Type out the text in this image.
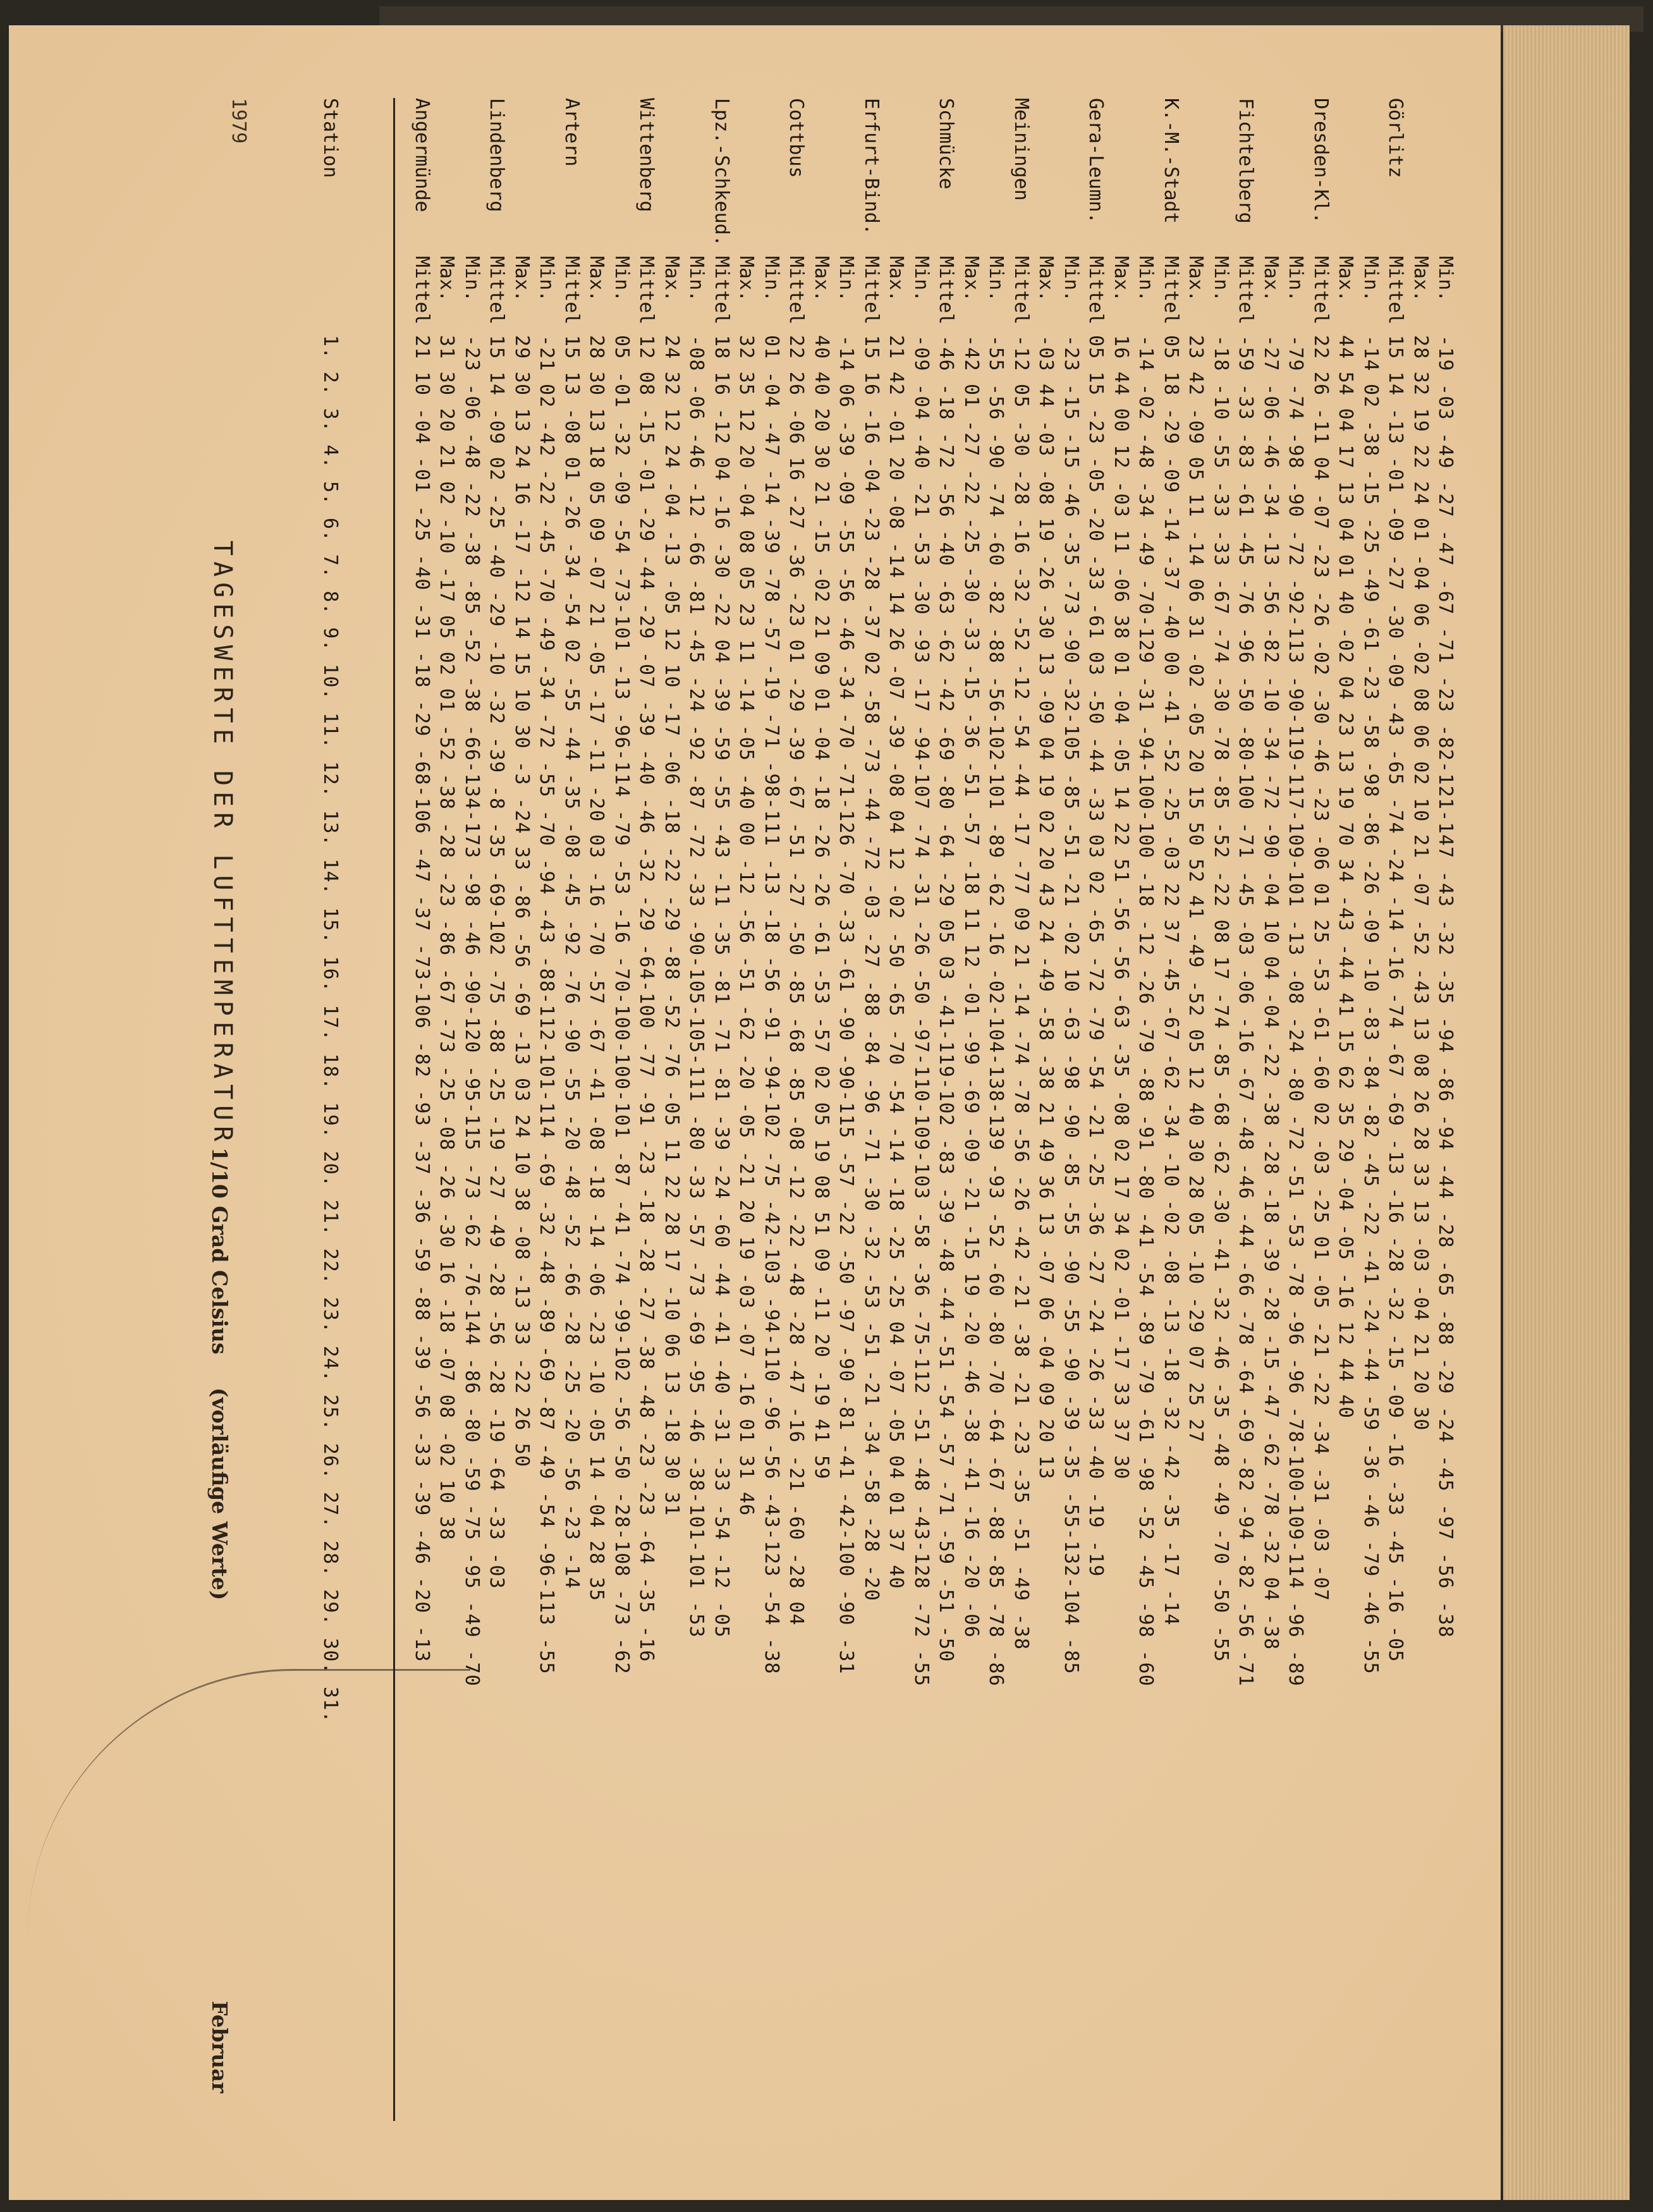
1979
TAGESWERTE DER LUFTTEMPERATUR
1/10 Grad Celsius
(vorläufige Werte)
Februar
Station
1. 2. 3. 4. 5. 6. 7. 8. 9. 10. 11. 12. 13. 14. 15. 16. 17. 18. 19. 20. 21. 22. 23. 24. 25. 26. 27. 28. 29. 30. 31.
Angermünde
Mittel
21 10 -04 -01 -25 -40 -31 -18 -29 -68-106 -47 -37 -73-106 -82 -93 -37 -36 -59 -88 -39 -56 -33 -39 -46 -20 -13
Max.
31 30 20 21 02 -10 -17 05 02 01 -52 -38 -28 -23 -86 -67 -73 -25 -08 -26 -30 16 -18 -07 08 -02 10 38
Min.
-23 -06 -48 -22 -38 -85 -52 -38 -66-134-173 -98 -46 -90-120 -95-115 -73 -62 -76-144 -86 -80 -59 -75 -95 -49 -70
Lindenberg
Mittel
15 14 -09 02 -25 -40 -29 -10 -32 -39 -8 -35 -69-102 -75 -88 -25 -19 -27 -49 -28 -56 -28 -19 -64 -33 -03
Max.
29 30 13 24 16 -17 -12 14 15 10 30 -3 -24 33 -86 -56 -69 -13 03 24 10 38 -08 -13 33 -22 26 50
Min.
-21 02 -42 -22 -45 -70 -49 -34 -72 -55 -70 -94 -43 -88-112-101-114 -69 -32 -48 -89 -69 -87 -49 -54 -96-113 -55
Artern
Mittel
15 13 -08 01 -26 -34 -54 02 -55 -44 -35 -08 -45 -92 -76 -90 -55 -20 -48 -52 -66 -28 -25 -20 -56 -23 -14
Max.
28 30 13 18 05 09 -07 21 -05 -17 -11 -20 03 -16 -70 -57 -67 -41 -08 -18 -14 -06 -23 -10 -05 14 -04 28 35
Min.
05 -01 -32 -09 -54 -73-101 -13 -96-114 -79 -53 -16 -70-100-100-101 -87 -41 -74 -99-102 -56 -50 -28-108 -73 -62
Wittenberg
Mittel
12 08 -15 -01 -29 -44 -29 -07 -39 -40 -46 -32 -29 -64-100 -77 -91 -23 -18 -28 -27 -38 -48 -23 -23 -64 -35 -16
Max.
24 32 12 24 -04 -13 -05 12 10 -17 -06 -18 -22 -29 -88 -52 -76 -05 11 22 28 17 -10 06 13 -18 30 31
Min.
-08 -06 -46 -12 -66 -81 -45 -24 -92 -87 -72 -33 -90-105-105-111 -80 -33 -57 -73 -69 -95 -46 -38-101-101 -53
Lpz.-Schkeud.
Mittel
18 16 -12 04 -16 -30 -22 04 -39 -59 -55 -43 -11 -35 -81 -71 -81 -39 -24 -60 -44 -41 -40 -31 -33 -54 -12 -05
Max.
32 35 12 20 -04 08 05 23 11 -14 -05 -40 00 -12 -56 -51 -62 -20 -05 -21 20 19 -03 -07 -16 01 31 46
Min.
01 -04 -47 -14 -39 -78 -57 -19 -71 -98-111 -13 -18 -56 -91 -94-102 -75 -42-103 -94-110 -96 -56 -43-123 -54 -38
Cottbus
Mittel
22 26 -06 16 -27 -36 -23 01 -29 -39 -67 -51 -27 -50 -85 -68 -85 -08 -12 -22 -48 -28 -47 -16 -21 -60 -28 04
Max.
40 40 20 30 21 -15 -02 21 09 01 -04 -18 -26 -26 -61 -53 -57 02 05 19 08 51 09 -11 20 -19 41 59
Min.
-14 06 -39 -09 -55 -56 -46 -34 -70 -71-126 -70 -33 -61 -90 -90-115 -57 -22 -50 -97 -90 -81 -41 -42-100 -90 -31
Erfurt-Bind.
Mittel
15 16 -16 -04 -23 -28 -37 02 -58 -73 -44 -72 -03 -27 -88 -84 -96 -71 -30 -32 -53 -51 -21 -34 -58 -28 -20
Max.
21 42 -01 20 -08 -14 14 26 -07 -39 -08 04 12 -02 -50 -65 -70 -54 -14 -18 -25 -25 04 -07 -05 04 01 37 40
Min.
-09 -04 -40 -21 -53 -30 -93 -17 -94-107 -74 -31 -26 -50 -97-110-109-103 -58 -36 -75-112 -51 -48 -43-128 -72 -55
Schmücke
Mittel
-46 -18 -72 -56 -40 -63 -62 -42 -69 -80 -64 -29 05 03 -41-119-102 -83 -39 -48 -44 -51 -54 -57 -71 -59 -51 -50
Max.
-42 01 -27 -22 -25 -30 -33 -15 -36 -51 -57 -18 11 12 -01 -99 -69 -09 -21 -15 19 -20 -46 -38 -41 -16 -20 -06
Min.
-55 -56 -90 -74 -60 -82 -88 -56-102-101 -89 -62 -16 -02-104-138-139 -93 -52 -60 -80 -70 -64 -67 -88 -85 -78 -86
Meiningen
Mittel
-12 05 -30 -28 -16 -32 -52 -12 -54 -44 -17 -77 09 21 -14 -74 -78 -56 -26 -42 -21 -38 -21 -23 -35 -51 -49 -38
Max.
-03 44 -03 -08 19 -26 -30 13 -09 04 19 02 20 43 24 -49 -58 -38 21 49 36 13 -07 06 -04 09 20 13
Min.
-23 -15 -15 -46 -35 -73 -90 -32-105 -85 -51 -21 -02 10 -63 -98 -90 -85 -55 -90 -55 -90 -39 -35 -55-132-104 -85
Gera-Leumn.
Mittel
05 15 -23 -05 -20 -33 -61 03 -50 -44 -33 03 02 -65 -72 -79 -54 -21 -25 -36 -27 -24 -26 -33 -40 -19 -19
Max.
16 44 00 12 -03 11 -06 38 01 -04 -05 14 22 51 -56 -56 -63 -35 -08 02 17 34 02 -01 -17 33 37 30
Min.
-14 -02 -48 -34 -49 -70-129 -31 -94-100-100 -18 -12 -26 -79 -88 -91 -80 -41 -54 -89 -79 -61 -98 -52 -45 -98 -60
K.-M.-Stadt
Mittel
05 18 -29 -09 -14 -37 -40 00 -41 -52 -25 -03 22 37 -45 -67 -62 -34 -10 -02 -08 -13 -18 -32 -42 -35 -17 -14
Max.
23 42 -09 05 11 -14 06 31 -02 -05 20 15 50 52 41 -49 -52 05 12 40 30 28 05 -10 -29 07 25 27
Min.
-18 -10 -55 -33 -33 -67 -74 -30 -78 -85 -52 -22 08 17 -74 -85 -68 -62 -30 -41 -32 -46 -35 -48 -49 -70 -50 -55
Fichtelberg
Mittel
-59 -33 -83 -61 -45 -76 -96 -50 -80-100 -71 -45 -03 -06 -16 -67 -48 -46 -44 -66 -78 -64 -69 -82 -94 -82 -56 -71
Max.
-27 -06 -46 -34 -13 -56 -82 -10 -34 -72 -90 -04 10 04 -04 -22 -38 -28 -18 -39 -28 -15 -47 -62 -78 -32 04 -38
Min.
-79 -74 -98 -90 -72 -92-113 -90-119-117-109-101 -13 -08 -24 -80 -72 -51 -53 -78 -96 -96 -78-100-109-114 -96 -89
Dresden-Kl.
Mittel
22 26 -11 04 -07 -23 -26 -02 -30 -46 -23 -06 01 25 -53 -61 -60 02 -03 -25 01 -05 -21 -22 -34 -31 -03 -07
Max.
44 54 04 17 13 04 01 40 -02 04 23 13 19 70 34 -43 -44 41 15 62 35 29 -04 -05 -16 12 44 40
Min.
-14 02 -38 -15 -25 -49 -61 -23 -58 -98 -86 -26 -09 -10 -83 -84 -82 -45 -22 -41 -24 -44 -59 -36 -46 -79 -46 -55
Görlitz
Mittel
15 14 -13 -01 -09 -27 -30 -09 -43 -65 -74 -24 -14 -16 -74 -67 -69 -13 -16 -28 -32 -15 -09 -16 -33 -45 -16 -05
Max.
28 32 19 22 24 01 -04 06 -02 08 06 02 10 21 -07 -52 -43 13 08 26 28 33 13 -03 -04 21 20 30
Min.
-19 -03 -49 -27 -47 -67 -71 -23 -82-121-147 -43 -32 -35 -94 -86 -94 -44 -28 -65 -88 -29 -24 -45 -97 -56 -38
